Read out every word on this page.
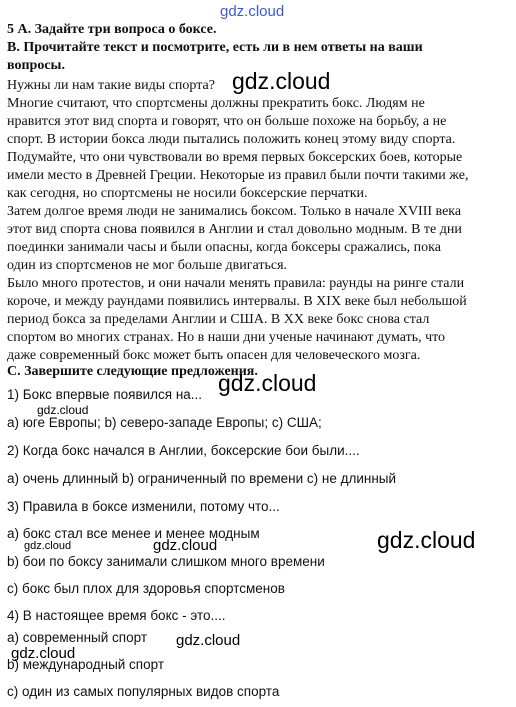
gdz.cloud
5 А. Задайте три вопроса о боксе.
В. Прочитайте текст и посмотрите, есть ли в нем ответы на ваши
вопросы.
Нужны ли нам такие виды спорта? gdz.cloud
Многие считают, что спортсмены должны прекратить бокс. Людям не
нравится этот вид спорта и говорят, что он больше похоже на борьбу, а не
спорт. В истории бокса люди пытались положить конец этому виду спорта.
Подумайте, что они чувствовали во время первых боксерских боев, которые
имели место в Древней Греции. Некоторые из правил были почти такими же,
как сегодня, но спортсмены не носили боксерские перчатки.
Затем долгое время люди не занимались боксом. Только в начале XVIII века
этот вид спорта снова появился в Англии и стал довольно модным. В те дни
поединки занимали часы и были опасны, когда боксеры сражались, пока
один из спортсменов не мог больше двигаться.
Было много протестов, и они начали менять правила: раунды на ринге стали
короче, и между раундами появились интервалы. В XIX веке был небольшой
период бокса за пределами Англии и США. В XX веке бокс снова стал
спортом во многих странах. Но в наши дни ученые начинают думать, что
даже современный бокс может быть опасен для человеческого мозга.
С. Завершите следующие предложения.
gdz.cloud
1) Бокс впервые появился на...
gdz.cloud
а) юге Европы; b) северо-западе Европы; с) США;
2) Когда бокс начался в Англии, боксерские бои были....
а) очень длинный b) ограниченный по времени с) не длинный
3) Правила в боксе изменили, потому что...
а) бокс стал все менее и менее модным
gdz.cloud	gdz.cloud	gdz.cloud
b) бои по боксу занимали слишком много времени
с) бокс был плох для здоровья спортсменов
4) В настоящее время бокс - это....
а) современный спорт gdz.cloud
gdz.cloud
b) международный спорт
с) один из самых популярных видов спорта
